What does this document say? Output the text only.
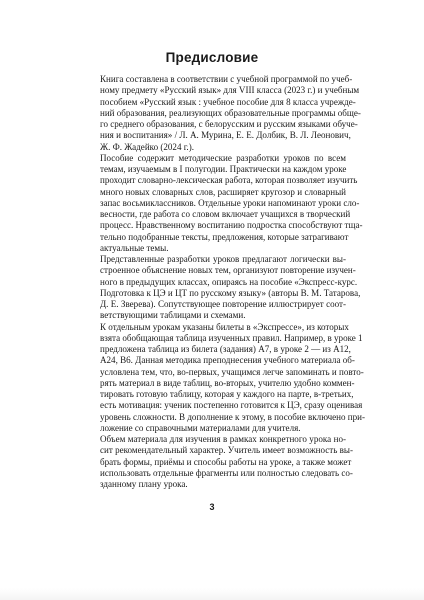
Предисловие
Книга составлена в соответствии с учебной программой по учеб-
ному предмету «Русский язык» для VIII класса (2023 г.) и учебным
пособием «Русский язык : учебное пособие для 8 класса учрежде-
ний образования, реализующих образовательные программы обще-
го среднего образования, с белорусским и русским языками обуче-
ния и воспитания» / Л. А. Мурина, Е. Е. Долбик, В. Л. Леонович,
Ж. Ф. Жадейко (2024 г.).
Пособие содержит методические разработки уроков по всем
темам, изучаемым в I полугодии. Практически на каждом уроке
проходит словарно-лексическая работа, которая позволяет изучить
много новых словарных слов, расширяет кругозор и словарный
запас восьмиклассников. Отдельные уроки напоминают уроки сло-
весности, где работа со словом включает учащихся в творческий
процесс. Нравственному воспитанию подростка способствуют тща-
тельно подобранные тексты, предложения, которые затрагивают
актуальные темы.
Представленные разработки уроков предлагают логически вы-
строенное объяснение новых тем, организуют повторение изучен-
ного в предыдущих классах, опираясь на пособие «Экспресс-курс.
Подготовка к ЦЭ и ЦТ по русскому языку» (авторы В. М. Татарова,
Д. Е. Зверева). Сопутствующее повторение иллюстрирует соот-
ветствующими таблицами и схемами.
К отдельным урокам указаны билеты в «Экспрессе», из которых
взята обобщающая таблица изученных правил. Например, в уроке 1
предложена таблица из билета (задания) А7, в уроке 2 — из А12,
А24, В6. Данная методика преподнесения учебного материала об-
условлена тем, что, во-первых, учащимся легче запоминать и повто-
рять материал в виде таблиц, во-вторых, учителю удобно коммен-
тировать готовую таблицу, которая у каждого на парте, в-третьих,
есть мотивация: ученик постепенно готовится к ЦЭ, сразу оценивая
уровень сложности. В дополнение к этому, в пособие включено при-
ложение со справочными материалами для учителя.
Объем материала для изучения в рамках конкретного урока но-
сит рекомендательный характер. Учитель имеет возможность вы-
брать формы, приёмы и способы работы на уроке, а также может
использовать отдельные фрагменты или полностью следовать со-
зданному плану урока.
3
